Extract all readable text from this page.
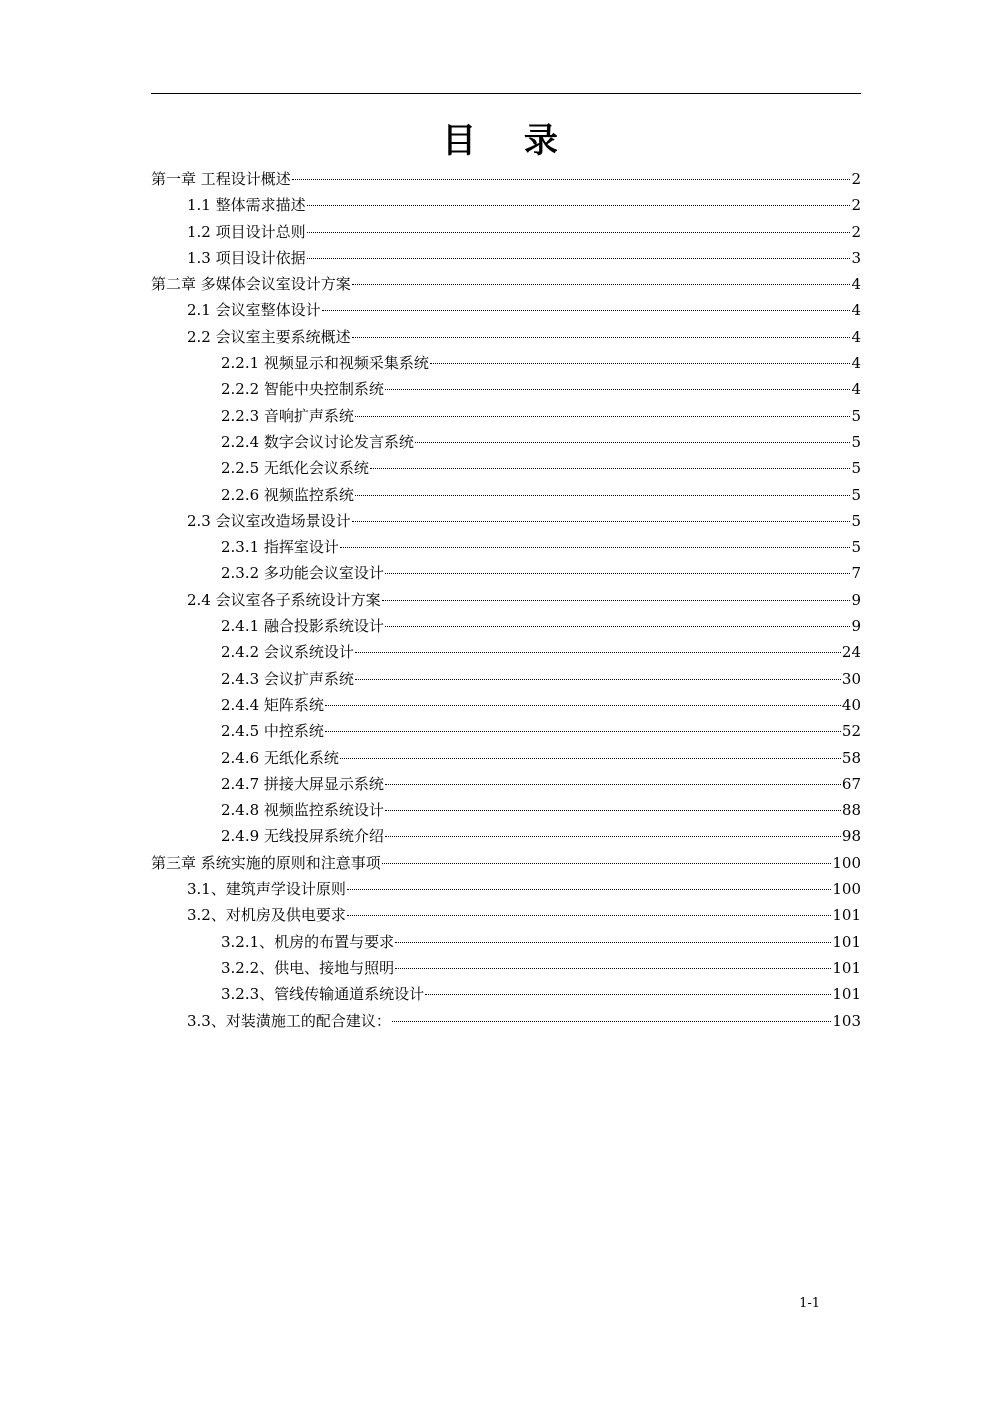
目 录
第一章 工程设计概述	2
1.1 整体需求描述	2
1.2 项目设计总则	2
1.3 项目设计依据	3
第二章 多媒体会议室设计方案	4
2.1 会议室整体设计	4
2.2 会议室主要系统概述	4
2.2.1 视频显示和视频采集系统	4
2.2.2 智能中央控制系统	4
2.2.3 音响扩声系统	5
2.2.4 数字会议讨论发言系统	5
2.2.5 无纸化会议系统	5
2.2.6 视频监控系统	5
2.3 会议室改造场景设计	5
2.3.1 指挥室设计	5
2.3.2 多功能会议室设计	7
2.4 会议室各子系统设计方案	9
2.4.1 融合投影系统设计	9
2.4.2 会议系统设计	24
2.4.3 会议扩声系统	30
2.4.4 矩阵系统	40
2.4.5 中控系统	52
2.4.6 无纸化系统	58
2.4.7 拼接大屏显示系统	67
2.4.8 视频监控系统设计	88
2.4.9 无线投屏系统介绍	98
第三章 系统实施的原则和注意事项	100
3.1、建筑声学设计原则	100
3.2、对机房及供电要求	101
3.2.1、机房的布置与要求	101
3.2.2、供电、接地与照明	101
3.2.3、管线传输通道系统设计	101
3.3、对装潢施工的配合建议：	103
1-1
